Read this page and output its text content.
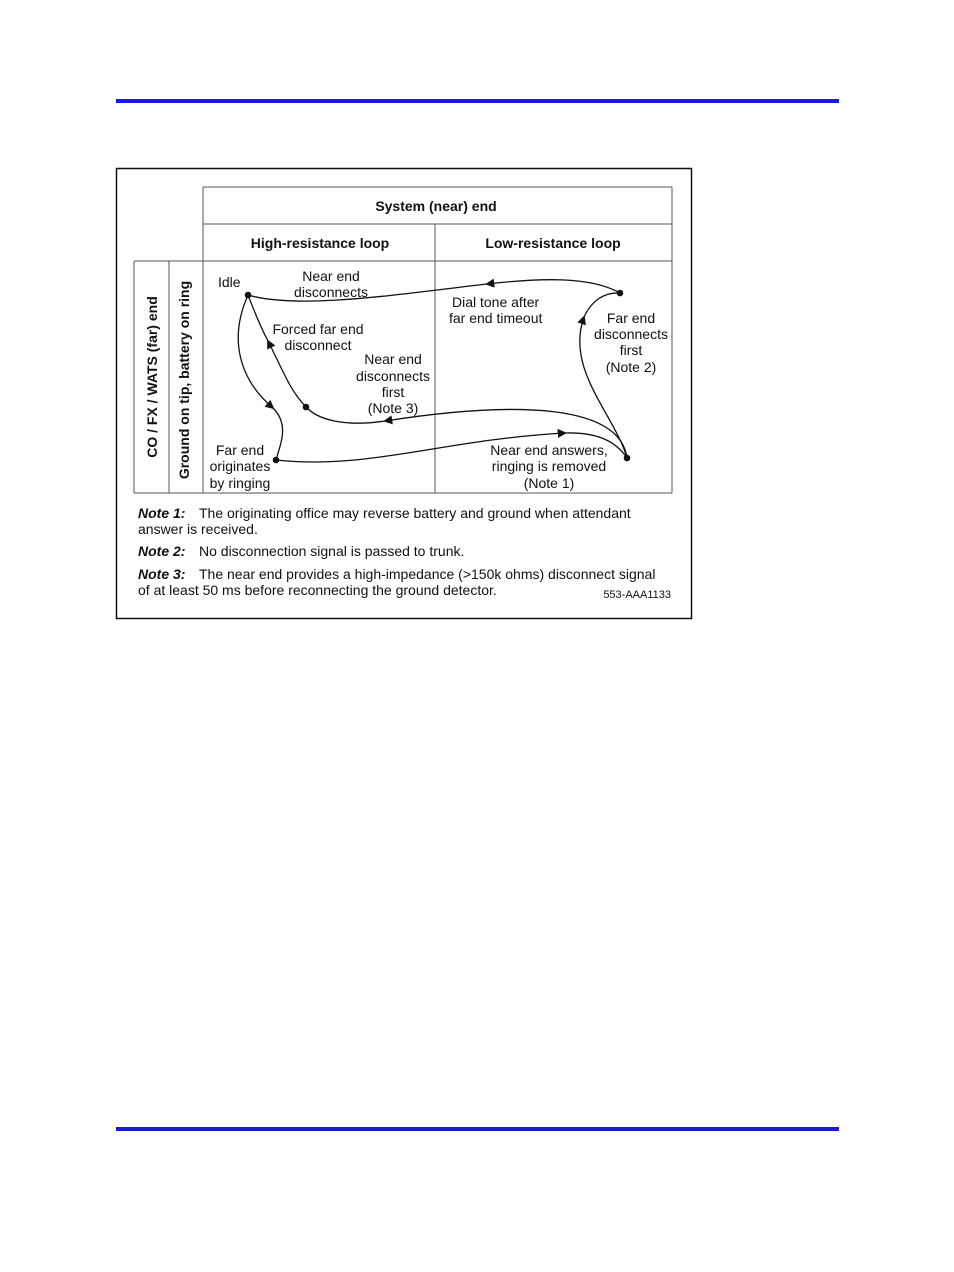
System (near) end
High-resistance loop	Low-resistance loop
CO / FX / WATS (far) end Ground on tip, battery on ring Idle	Near end
disconnects
Dial tone after
far end timeout
Forced far end
disconnect
Near end
disconnects
first
(Note 3)
Far end
disconnects
first
(Note 2)
Far end
originates
by ringing
Near end answers,
ringing is removed
(Note 1)
Note 1: The originating office may reverse battery and ground when attendant
answer is received.
Note 2: No disconnection signal is passed to trunk.
Note 3: The near end provides a high-impedance (>150k ohms) disconnect signal
of at least 50 ms before reconnecting the ground detector.	553-AAA1133
